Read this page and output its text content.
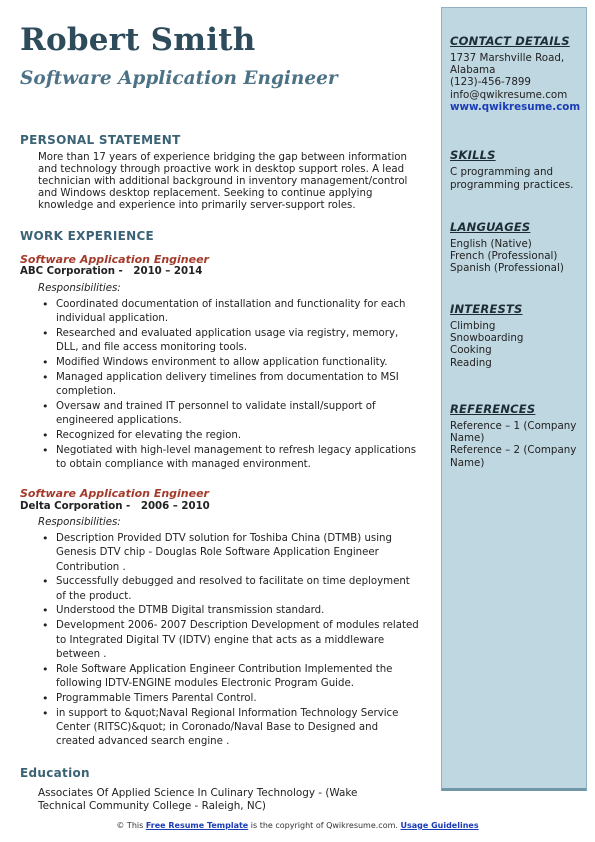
Robert Smith
Software Application Engineer
PERSONAL STATEMENT
More than 17 years of experience bridging the gap between information
and technology through proactive work in desktop support roles. A lead
technician with additional background in inventory management/control
and Windows desktop replacement. Seeking to continue applying
knowledge and experience into primarily server-support roles.
WORK EXPERIENCE
Software Application Engineer
ABC Corporation -   2010 – 2014
Responsibilities:
• Coordinated documentation of installation and functionality for each individual application.
• Researched and evaluated application usage via registry, memory, DLL, and file access monitoring tools.
• Modified Windows environment to allow application functionality.
• Managed application delivery timelines from documentation to MSI completion.
• Oversaw and trained IT personnel to validate install/support of engineered applications.
• Recognized for elevating the region.
• Negotiated with high-level management to refresh legacy applications to obtain compliance with managed environment.
Software Application Engineer
Delta Corporation -   2006 – 2010
Responsibilities:
• Description Provided DTV solution for Toshiba China (DTMB) using Genesis DTV chip - Douglas Role Software Application Engineer Contribution .
• Successfully debugged and resolved to facilitate on time deployment of the product.
• Understood the DTMB Digital transmission standard.
• Development 2006- 2007 Description Development of modules related to Integrated Digital TV (IDTV) engine that acts as a middleware between .
• Role Software Application Engineer Contribution Implemented the following IDTV-ENGINE modules Electronic Program Guide.
• Programmable Timers Parental Control.
• in support to &quot;Naval Regional Information Technology Service Center (RITSC)&quot; in Coronado/Naval Base to Designed and created advanced search engine .
Education
Associates Of Applied Science In Culinary Technology - (Wake
Technical Community College - Raleigh, NC)
CONTACT DETAILS
1737 Marshville Road,
Alabama
(123)-456-7899
info@qwikresume.com
www.qwikresume.com
SKILLS
C programming and
programming practices.
LANGUAGES
English (Native)
French (Professional)
Spanish (Professional)
INTERESTS
Climbing
Snowboarding
Cooking
Reading
REFERENCES
Reference – 1 (Company
Name)
Reference – 2 (Company
Name)
© This Free Resume Template is the copyright of Qwikresume.com. Usage Guidelines
